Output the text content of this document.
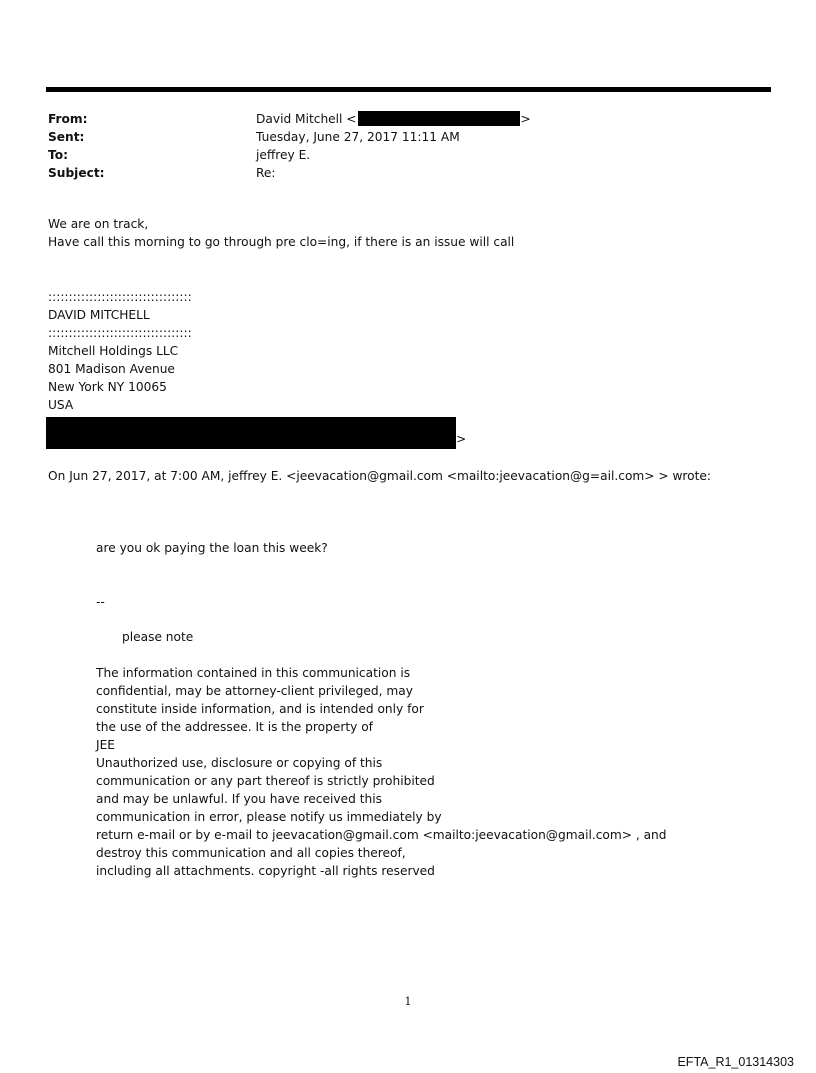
From:	David Mitchell <	>
Sent:	Tuesday, June 27, 2017 11:11 AM
To:	jeffrey E.
Subject:	Re:
We are on track,
Have call this morning to go through pre clo=ing, if there is an issue will call
:::::::::::::::::::::::::::::::::::
DAVID MITCHELL
:::::::::::::::::::::::::::::::::::
Mitchell Holdings LLC
801 Madison Avenue
New York NY 10065
USA
>
On Jun 27, 2017, at 7:00 AM, jeffrey E. <jeevacation@gmail.com <mailto:jeevacation@g=ail.com> > wrote:
are you ok paying the loan this week?
--
please note
The information contained in this communication is
confidential, may be attorney-client privileged, may
constitute inside information, and is intended only for
the use of the addressee. It is the property of
JEE
Unauthorized use, disclosure or copying of this
communication or any part thereof is strictly prohibited
and may be unlawful. If you have received this
communication in error, please notify us immediately by
return e-mail or by e-mail to jeevacation@gmail.com <mailto:jeevacation@gmail.com> , and
destroy this communication and all copies thereof,
including all attachments. copyright -all rights reserved
1
EFTA_R1_01314303
